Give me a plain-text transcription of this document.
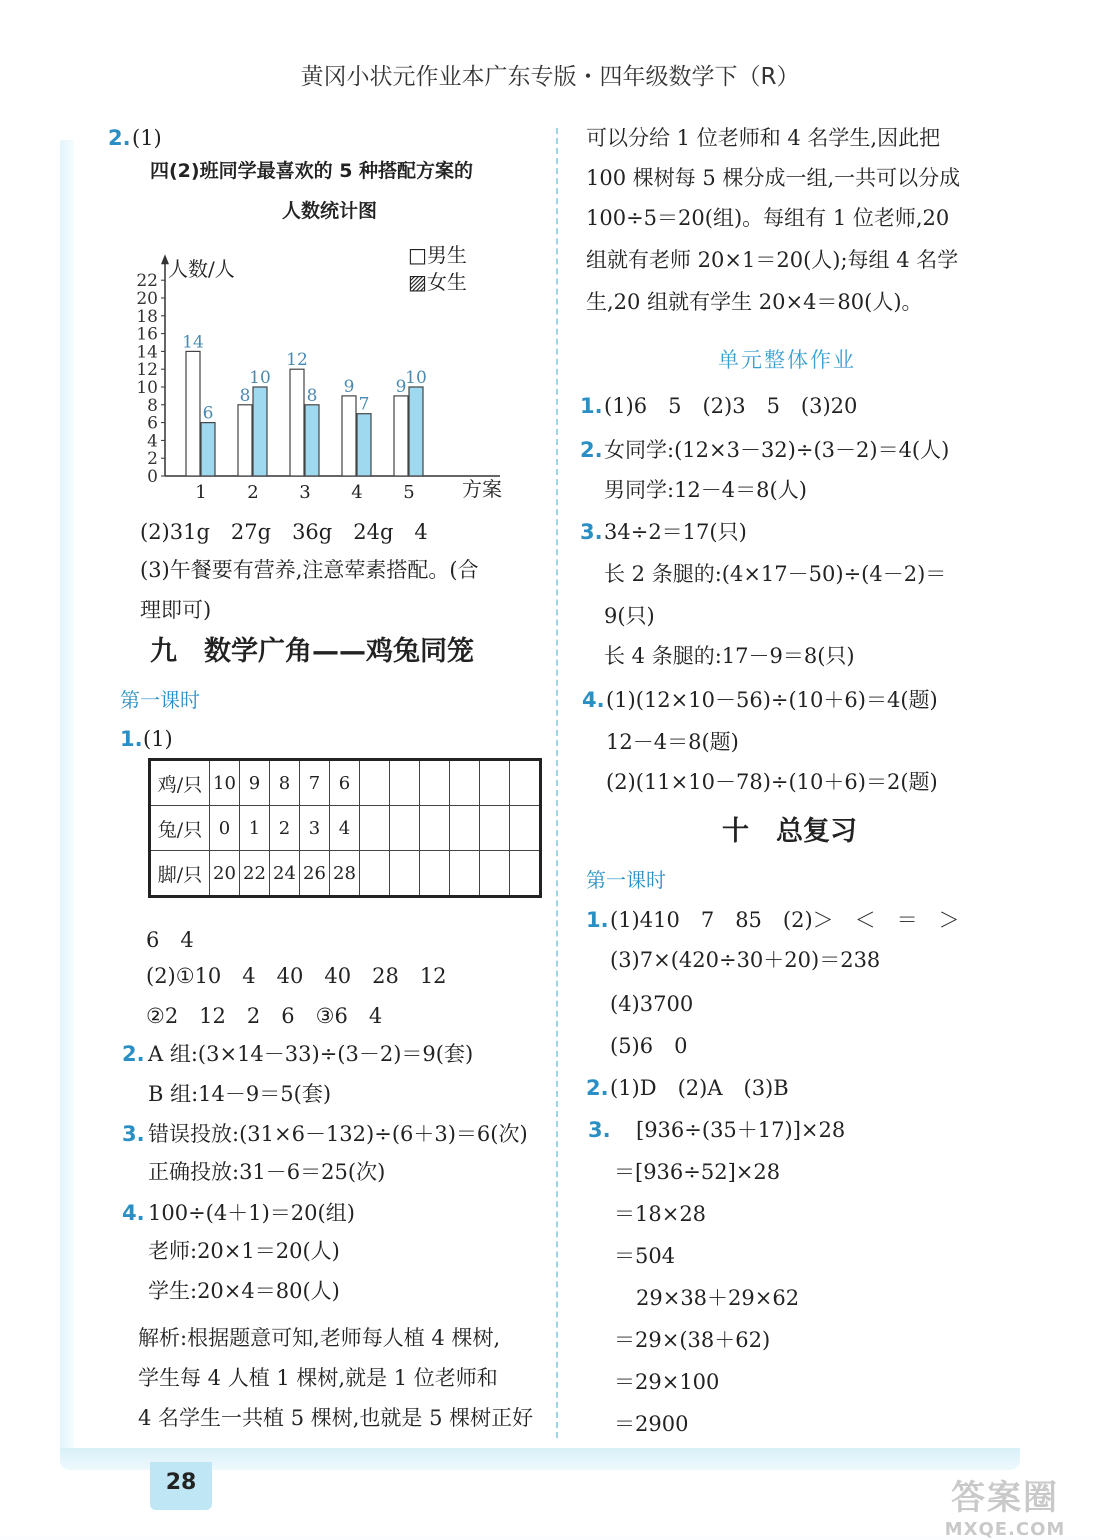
黄冈小状元作业本广东专版・四年级数学下（R）
2. (1)
四(2)班同学最喜欢的 5 种搭配方案的
人数统计图
0
2
4
6
8
10
12
14
16
18
20
22 人数/人
方案
□男生
▨女生
1 2 3 4 5
14
6
8
10
12
8 9
7
9
10
(2)31g　27g　36g　24g　4
(3)午餐要有营养,注意荤素搭配。(合
理即可)
九　数学广角——鸡兔同笼
第一课时
1. (1)
鸡/只	10	9	8	7	6						
兔/只	0	1	2	3	4						
脚/只	20	22	24	26	28						
6　4
(2)①10　4　40　40　28　12
②2　12　2　6　③6　4
2. A 组:(3×14－33)÷(3－2)＝9(套)
B 组:14－9＝5(套)
3. 错误投放:(31×6－132)÷(6＋3)＝6(次)
正确投放:31－6＝25(次)
4. 100÷(4＋1)＝20(组)
老师:20×1＝20(人)
学生:20×4＝80(人)
解析:根据题意可知,老师每人植 4 棵树,
学生每 4 人植 1 棵树,就是 1 位老师和
4 名学生一共植 5 棵树,也就是 5 棵树正好
可以分给 1 位老师和 4 名学生,因此把
100 棵树每 5 棵分成一组,一共可以分成
100÷5＝20(组)。每组有 1 位老师,20
组就有老师 20×1＝20(人);每组 4 名学
生,20 组就有学生 20×4＝80(人)。
单元整体作业
1. (1)6　5　(2)3　5　(3)20
2. 女同学:(12×3－32)÷(3－2)＝4(人)
男同学:12－4＝8(人)
3. 34÷2＝17(只)
长 2 条腿的:(4×17－50)÷(4－2)＝
9(只)
长 4 条腿的:17－9＝8(只)
4. (1)(12×10－56)÷(10＋6)＝4(题)
12－4＝8(题)
(2)(11×10－78)÷(10＋6)＝2(题)
十　总复习
第一课时
1. (1)410　7　85　(2)＞　＜　＝　＞
(3)7×(420÷30＋20)＝238
(4)3700
(5)6　0
2. (1)D　(2)A　(3)B
3. [936÷(35＋17)]×28
＝[936÷52]×28
＝18×28
＝504
29×38＋29×62
＝29×(38＋62)
＝29×100
＝2900
28	答案圈
MXQE.COM
